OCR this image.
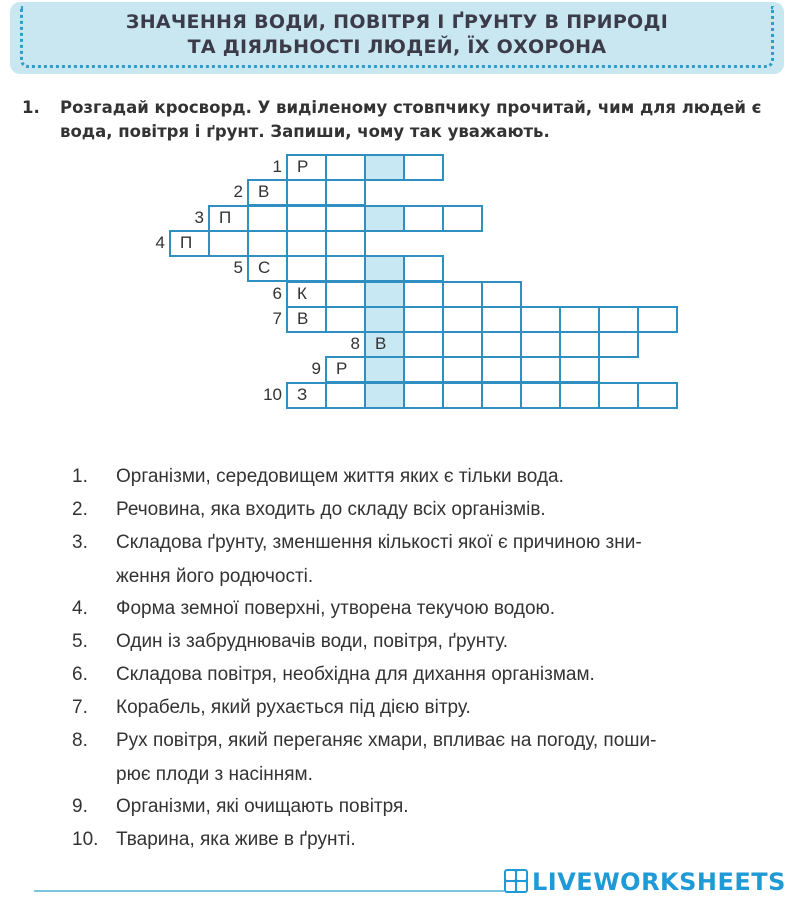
ЗНАЧЕННЯ ВОДИ, ПОВІТРЯ І ҐРУНТУ В ПРИРОДІ
ТА ДІЯЛЬНОСТІ ЛЮДЕЙ, ЇХ ОХОРОНА
1. Розгадай кросворд. У виділеному стовпчику прочитай, чим для людей є вода, повітря і ґрунт. Запиши, чому так уважають.
1 Р
2 В
3 П
4 П
5 С
6 К
7 В
8 В
9 Р
10 З
1.	Організми, середовищем життя яких є тільки вода.
2.	Речовина, яка входить до складу всіх організмів.
3.	Складова ґрунту, зменшення кількості якої є причиною зни-
ження його родючості.
4.	Форма земної поверхні, утворена текучою водою.
5.	Один із забруднювачів води, повітря, ґрунту.
6.	Складова повітря, необхідна для дихання організмам.
7.	Корабель, який рухається під дією вітру.
8.	Рух повітря, який переганяє хмари, впливає на погоду, поши-
рює плоди з насінням.
9.	Організми, які очищають повітря.
10. Тварина, яка живе в ґрунті.
LIVEWORKSHEETS
